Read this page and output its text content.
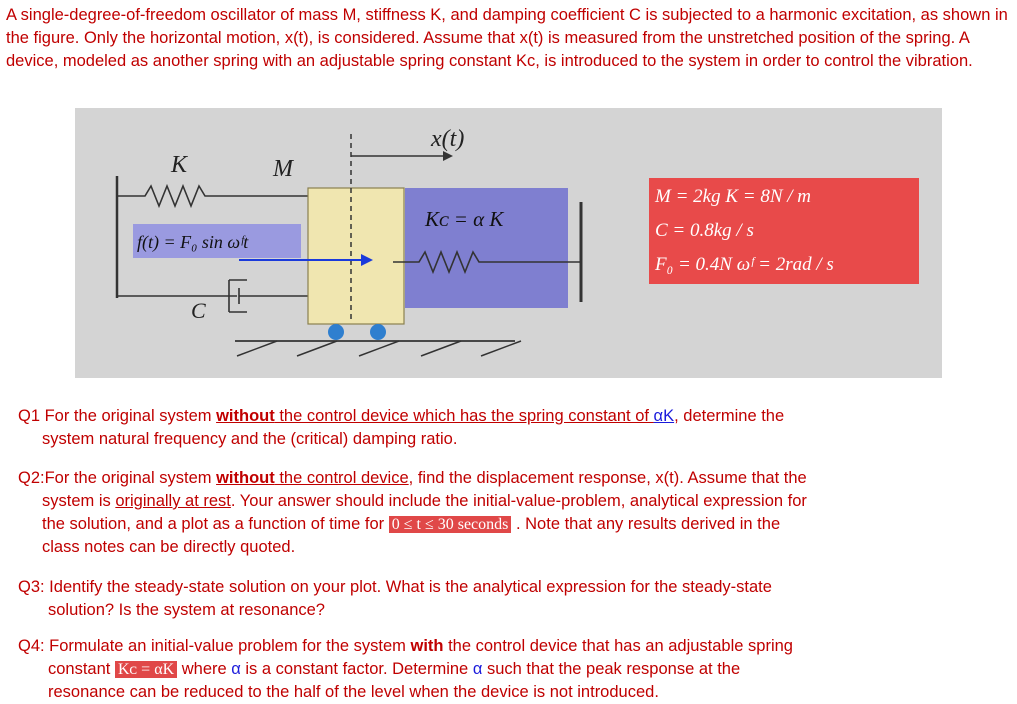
A single-degree-of-freedom oscillator of mass M, stiffness K, and damping coefficient C is subjected to a harmonic excitation, as shown in the figure. Only the horizontal motion, x(t), is considered. Assume that x(t) is measured from the unstretched position of the spring. A device, modeled as another spring with an adjustable spring constant Kc, is introduced to the system in order to control the vibration.
K	M
C
x(t)
f(t) = F₀ sin ωᶠt
Kᴄ = α K
M = 2kg K = 8N / m
C = 0.8kg / s
F₀ = 0.4N ωᶠ = 2rad / s
Q1 For the original system without the control device which has the spring constant of αK, determine the
system natural frequency and the (critical) damping ratio.
Q2:For the original system without the control device, find the displacement response, x(t). Assume that the
system is originally at rest. Your answer should include the initial-value-problem, analytical expression for
the solution, and a plot as a function of time for 0 ≤ t ≤ 30 seconds . Note that any results derived in the
class notes can be directly quoted.
Q3: Identify the steady-state solution on your plot. What is the analytical expression for the steady-state
solution? Is the system at resonance?
Q4: Formulate an initial-value problem for the system with the control device that has an adjustable spring
constant Kᴄ = αK where α is a constant factor. Determine α such that the peak response at the
resonance can be reduced to the half of the level when the device is not introduced.
